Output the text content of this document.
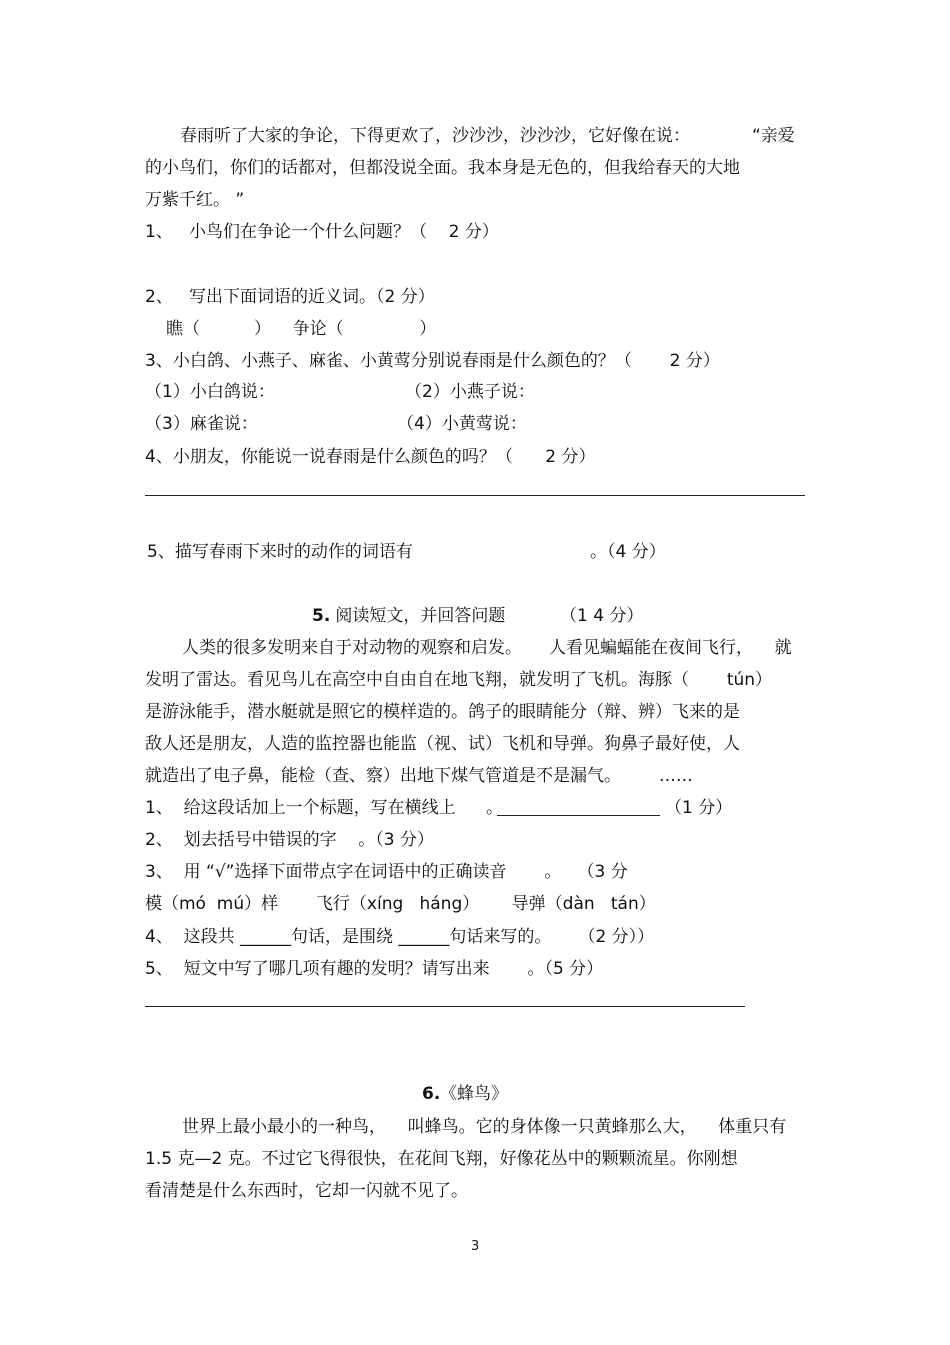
春雨听了大家的争论，下得更欢了，沙沙沙，沙沙沙，它好像在说：	“亲爱
的小鸟们，你们的话都对，但都没说全面。我本身是无色的，但我给春天的大地
万紫千红。 ”
1、   小鸟们在争论一个什么问题？（    2 分）
2、   写出下面词语的近义词。（2 分）
瞧（          ）    争论（              ）
3、小白鸽、小燕子、麻雀、小黄莺分别说春雨是什么颜色的？（       2 分）
（1）小白鸽说：	（2）小燕子说：
（3）麻雀说：	（4）小黄莺说：
4、小朋友，你能说一说春雨是什么颜色的吗？（      2 分）
5、描写春雨下来时的动作的词语有	。（4 分）
5. 阅读短文，并回答问题	（1 4 分）
人类的很多发明来自于对动物的观察和启发。     人看见蝙蝠能在夜间飞行，    就
发明了雷达。看见鸟儿在高空中自由自在地飞翔，就发明了飞机。海豚（       tún）
是游泳能手，潜水艇就是照它的模样造的。鸽子的眼睛能分（辩、辨）飞来的是
敌人还是朋友，人造的监控器也能监（视、试）飞机和导弹。狗鼻子最好使，人
就造出了电子鼻，能检（查、察）出地下煤气管道是不是漏气。       ……
1、  给这段话加上一个标题，写在横线上 。	（1 分）
2、  划去括号中错误的字    。（3 分）
3、  用 “√”选择下面带点字在词语中的正确读音       。   （3 分
模（mó  mú）样       飞行（xíng   háng）      导弹（dàn   tán）
4、  这段共 ______句话，是围绕 ______句话来写的。     （2 分））
5、  短文中写了哪几项有趣的发明？请写出来       。（5 分）
6. 《蜂鸟》
世界上最小最小的一种鸟，    叫蜂鸟。它的身体像一只黄蜂那么大，    体重只有
1.5 克—2 克。不过它飞得很快，在花间飞翔，好像花丛中的颗颗流星。你刚想
看清楚是什么东西时，它却一闪就不见了。
3
